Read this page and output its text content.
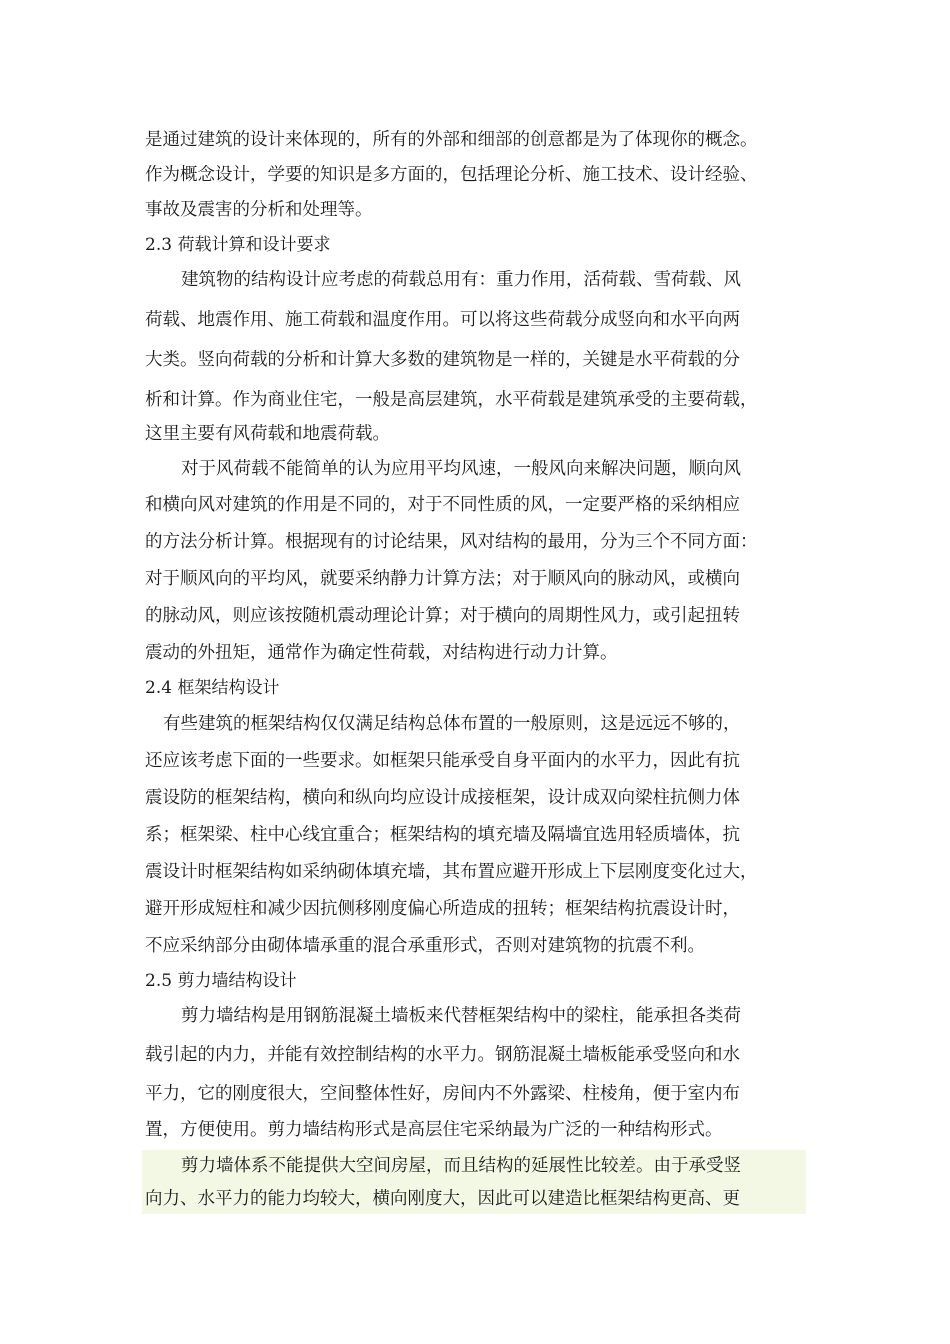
是通过建筑的设计来体现的，所有的外部和细部的创意都是为了体现你的概念。
作为概念设计，学要的知识是多方面的，包括理论分析、施工技术、设计经验、
事故及震害的分析和处理等。
2.3 荷载计算和设计要求
建筑物的结构设计应考虑的荷载总用有：重力作用，活荷载、雪荷载、风
荷载、地震作用、施工荷载和温度作用。可以将这些荷载分成竖向和水平向两
大类。竖向荷载的分析和计算大多数的建筑物是一样的，关键是水平荷载的分
析和计算。作为商业住宅，一般是高层建筑，水平荷载是建筑承受的主要荷载，
这里主要有风荷载和地震荷载。
对于风荷载不能简单的认为应用平均风速，一般风向来解决问题，顺向风
和横向风对建筑的作用是不同的，对于不同性质的风，一定要严格的采纳相应
的方法分析计算。根据现有的讨论结果，风对结构的最用，分为三个不同方面：
对于顺风向的平均风，就要采纳静力计算方法；对于顺风向的脉动风，或横向
的脉动风，则应该按随机震动理论计算；对于横向的周期性风力，或引起扭转
震动的外扭矩，通常作为确定性荷载，对结构进行动力计算。
2.4 框架结构设计
有些建筑的框架结构仅仅满足结构总体布置的一般原则，这是远远不够的，
还应该考虑下面的一些要求。如框架只能承受自身平面内的水平力，因此有抗
震设防的框架结构，横向和纵向均应设计成接框架，设计成双向梁柱抗侧力体
系；框架梁、柱中心线宜重合；框架结构的填充墙及隔墙宜选用轻质墙体，抗
震设计时框架结构如采纳砌体填充墙，其布置应避开形成上下层刚度变化过大，
避开形成短柱和减少因抗侧移刚度偏心所造成的扭转；框架结构抗震设计时，
不应采纳部分由砌体墙承重的混合承重形式，否则对建筑物的抗震不利。
2.5 剪力墙结构设计
剪力墙结构是用钢筋混凝土墙板来代替框架结构中的梁柱，能承担各类荷
载引起的内力，并能有效控制结构的水平力。钢筋混凝土墙板能承受竖向和水
平力，它的刚度很大，空间整体性好，房间内不外露梁、柱棱角，便于室内布
置，方便使用。剪力墙结构形式是高层住宅采纳最为广泛的一种结构形式。
剪力墙体系不能提供大空间房屋，而且结构的延展性比较差。由于承受竖
向力、水平力的能力均较大，横向刚度大，因此可以建造比框架结构更高、更
